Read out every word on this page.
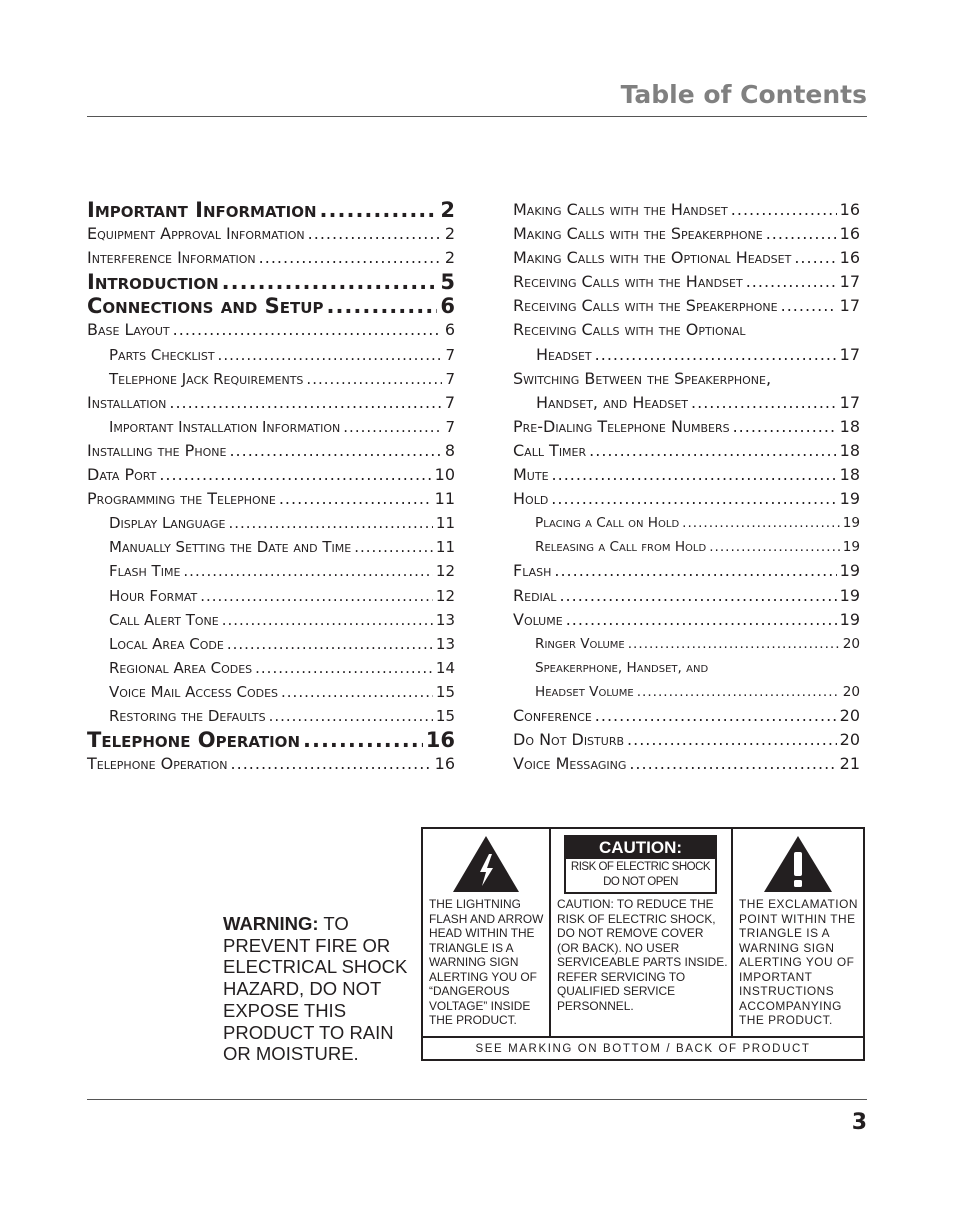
Table of Contents
Important Information .....	2
Equipment Approval Information .....	2
Interference Information .....	2
Introduction .....	5
Connections and Setup .....	6
Base Layout .....	6
Parts Checklist .....	7
Telephone Jack Requirements .....	7
Installation .....	7
Important Installation Information .....	7
Installing the Phone .....	8
Data Port .....	10
Programming the Telephone .....	11
Display Language .....	11
Manually Setting the Date and Time .....	11
Flash Time .....	12
Hour Format .....	12
Call Alert Tone .....	13
Local Area Code .....	13
Regional Area Codes .....	14
Voice Mail Access Codes .....	15
Restoring the Defaults .....	15
Telephone Operation .....	16
Telephone Operation .....	16
Making Calls with the Handset .....	16
Making Calls with the Speakerphone .....	16
Making Calls with the Optional Headset .....	16
Receiving Calls with the Handset .....	17
Receiving Calls with the Speakerphone .....	17
Receiving Calls with the Optional
Headset .....	17
Switching Between the Speakerphone,
Handset, and Headset .....	17
Pre-Dialing Telephone Numbers .....	18
Call Timer .....	18
Mute .....	18
Hold .....	19
Placing a Call on Hold .....	19
Releasing a Call from Hold .....	19
Flash .....	19
Redial .....	19
Volume .....	19
Ringer Volume .....	20
Speakerphone, Handset, and
Headset Volume .....	20
Conference .....	20
Do Not Disturb .....	20
Voice Messaging .....	21
WARNING: TO PREVENT FIRE OR ELECTRICAL SHOCK HAZARD, DO NOT EXPOSE THIS PRODUCT TO RAIN OR MOISTURE.
THE LIGHTNING FLASH AND ARROW HEAD WITHIN THE TRIANGLE IS A WARNING SIGN ALERTING YOU OF “DANGEROUS VOLTAGE” INSIDE THE PRODUCT.
CAUTION:
RISK OF ELECTRIC SHOCK
DO NOT OPEN
CAUTION: TO REDUCE THE RISK OF ELECTRIC SHOCK, DO NOT REMOVE COVER (OR BACK). NO USER SERVICEABLE PARTS INSIDE. REFER SERVICING TO QUALIFIED SERVICE PERSONNEL.
THE EXCLAMATION POINT WITHIN THE TRIANGLE IS A WARNING SIGN ALERTING YOU OF IMPORTANT INSTRUCTIONS ACCOMPANYING THE PRODUCT.
SEE MARKING ON BOTTOM / BACK OF PRODUCT
3
